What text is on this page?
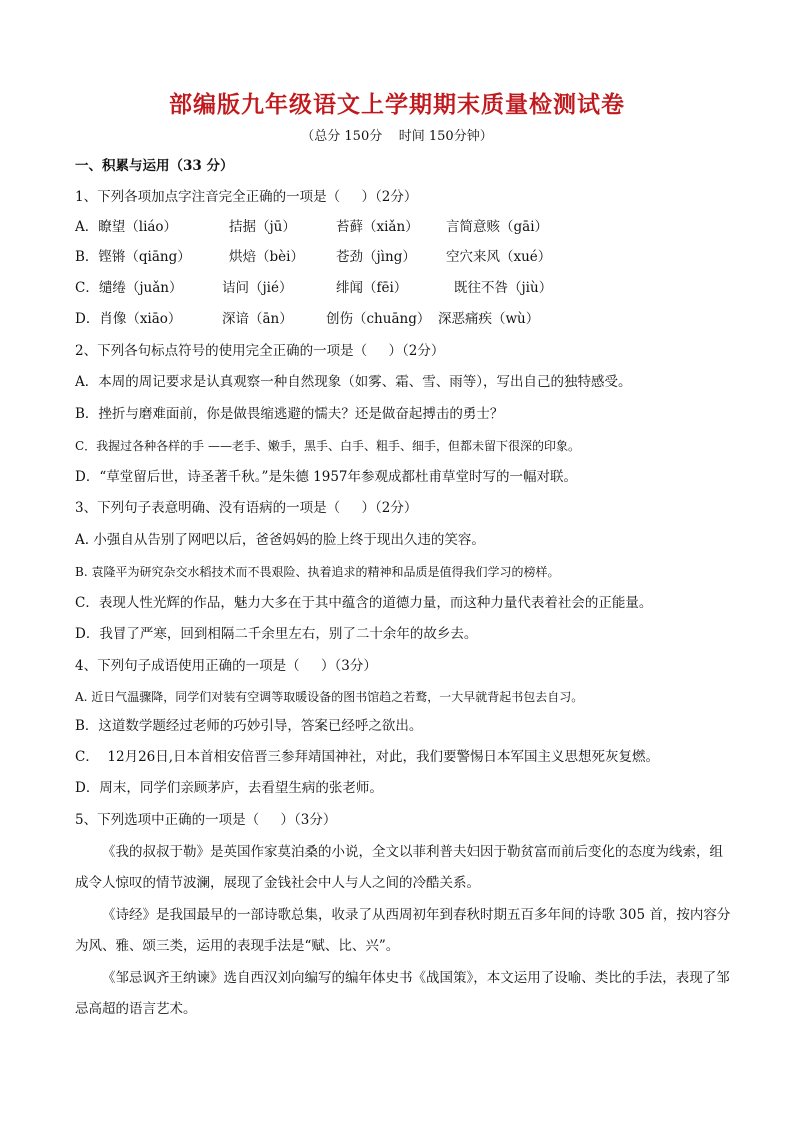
部编版九年级语文上学期期末质量检测试卷
（总分 150分    时间 150分钟）
一、积累与运用（33 分）
1、下列各项加点字注音完全正确的一项是（     ）（2分）
A．瞭望（liáo）	拮据（jū）	苔藓（xiǎn） 言简意赅（gāi）
B．铿锵（qiāng）	烘焙（bèi） 苍劲（jìng） 空穴来风（xué）
C．缱绻（juǎn）	诘问（jié）	绯闻（fēi）	既往不咎（jiù）
D．肖像（xiāo）	深谙（ān） 创伤（chuāng） 深恶痛疾（wù）
2、下列各句标点符号的使用完全正确的一项是（     ）（2分）
A．本周的周记要求是认真观察一种自然现象（如雾、霜、雪、雨等），写出自己的独特感受。
B．挫折与磨难面前，你是做畏缩逃避的懦夫？还是做奋起搏击的勇士？
C．我握过各种各样的手 ——老手、嫩手，黑手、白手、粗手、细手，但都未留下很深的印象。
D．“草堂留后世，诗圣著千秋。”是朱德 1957年参观成都杜甫草堂时写的一幅对联。
3、下列句子表意明确、没有语病的一项是（     ）（2分）
A. 小强自从告别了网吧以后，爸爸妈妈的脸上终于现出久违的笑容。
B. 袁隆平为研究杂交水稻技术而不畏艰险、执着追求的精神和品质是值得我们学习的榜样。
C．表现人性光辉的作品，魅力大多在于其中蕴含的道德力量，而这种力量代表着社会的正能量。
D．我冒了严寒，回到相隔二千余里左右，别了二十余年的故乡去。
4、下列句子成语使用正确的一项是（     ）（3分）
A. 近日气温骤降，同学们对装有空调等取暖设备的图书馆趋之若鹜，一大早就背起书包去自习。
B．这道数学题经过老师的巧妙引导，答案已经呼之欲出。
C．  12月26日,日本首相安倍晋三参拜靖国神社，对此，我们要警惕日本军国主义思想死灰复燃。
D．周末，同学们亲顾茅庐，去看望生病的张老师。
5、下列选项中正确的一项是（     ）（3分）
《我的叔叔于勒》是英国作家莫泊桑的小说，全文以菲利普夫妇因于勒贫富而前后变化的态度为线索，组成令人惊叹的情节波澜，展现了金钱社会中人与人之间的冷酷关系。
《诗经》是我国最早的一部诗歌总集，收录了从西周初年到春秋时期五百多年间的诗歌 305 首，按内容分为风、雅、颂三类，运用的表现手法是“赋、比、兴”。
《邹忌讽齐王纳谏》选自西汉刘向编写的编年体史书《战国策》，本文运用了设喻、类比的手法，表现了邹忌高超的语言艺术。
